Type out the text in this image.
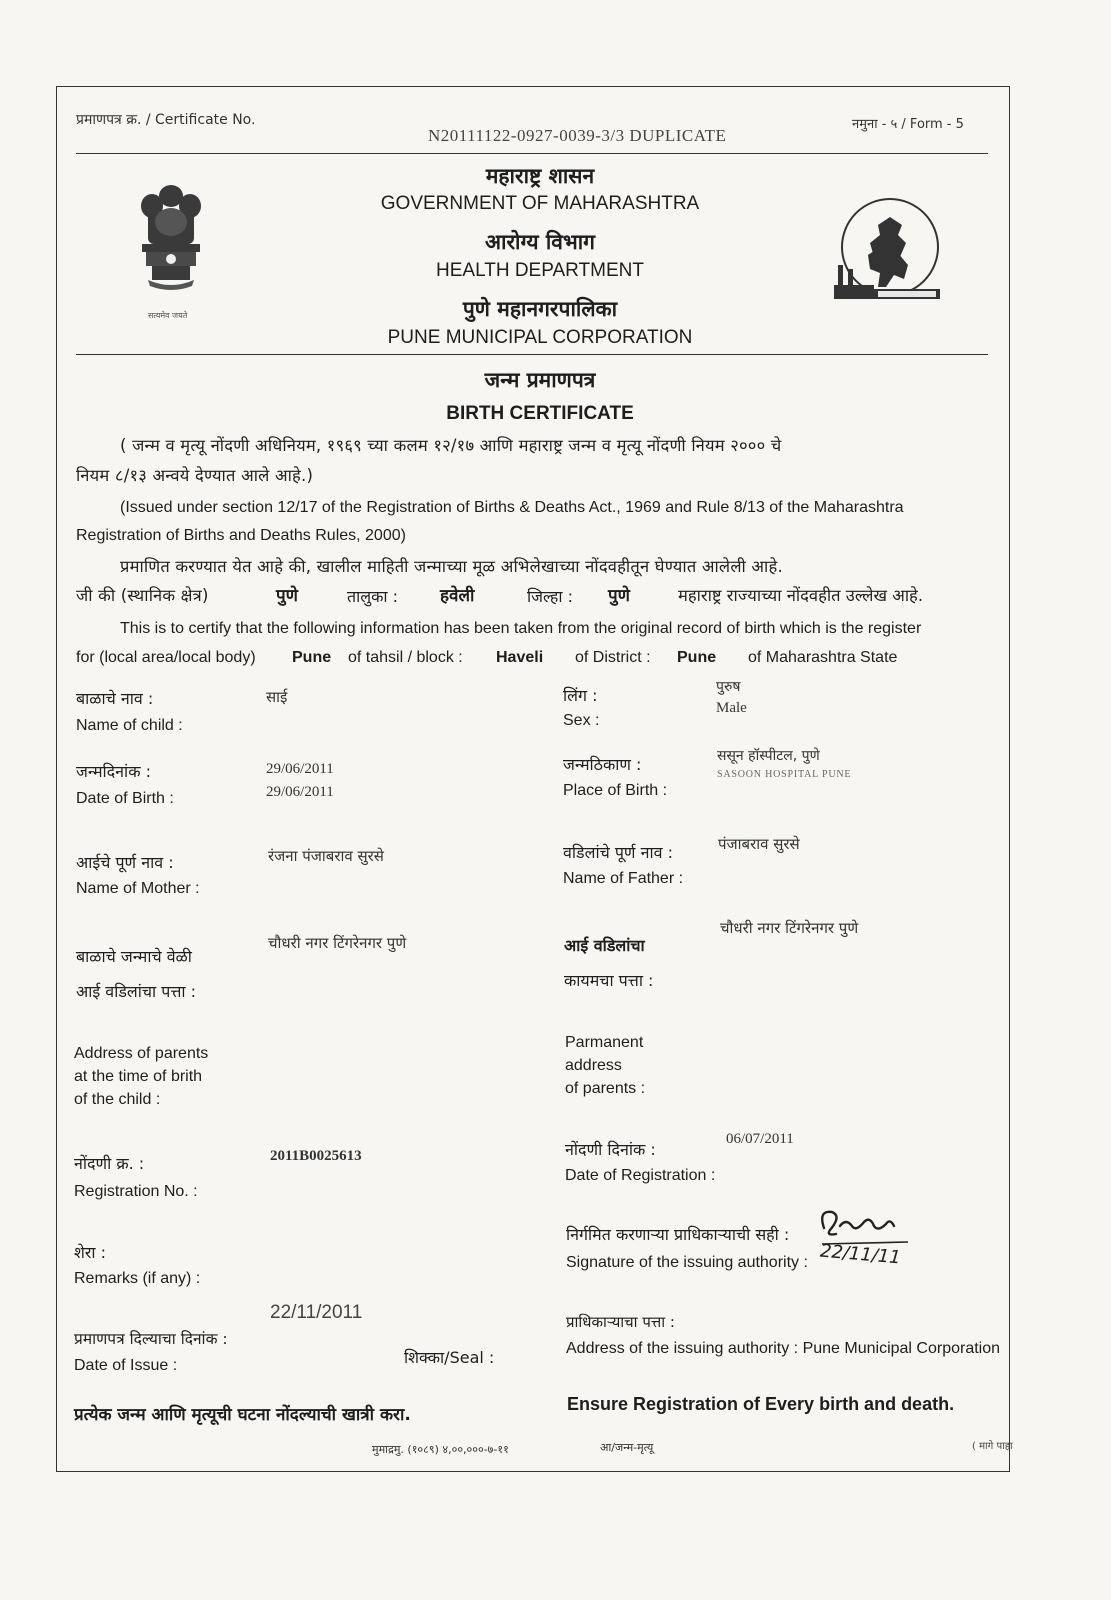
प्रमाणपत्र क्र. / Certificate No.
N20111122-0927-0039-3/3 DUPLICATE
नमुना - ५ / Form - 5
सत्यमेव जयते
महाराष्ट्र शासन
GOVERNMENT OF MAHARASHTRA
आरोग्य विभाग
HEALTH DEPARTMENT
पुणे महानगरपालिका
PUNE MUNICIPAL CORPORATION
जन्म प्रमाणपत्र
BIRTH CERTIFICATE
( जन्म व मृत्यू नोंदणी अधिनियम, १९६९ च्या कलम १२/१७ आणि महाराष्ट्र जन्म व मृत्यू नोंदणी नियम २००० चे
नियम ८/१३ अन्वये देण्यात आले आहे.)
(Issued under section 12/17 of the Registration of Births & Deaths Act., 1969 and Rule 8/13 of the Maharashtra
Registration of Births and Deaths Rules, 2000)
प्रमाणित करण्यात येत आहे की, खालील माहिती जन्माच्या मूळ अभिलेखाच्या नोंदवहीतून घेण्यात आलेली आहे.
जी की (स्थानिक क्षेत्र)	पुणे	तालुका : हवेली	जिल्हा : पुणे	महाराष्ट्र राज्याच्या नोंदवहीत उल्लेख आहे.
This is to certify that the following information has been taken from the original record of birth which is the register
for (local area/local body) Pune of tahsil / block : Haveli of District : Pune of Maharashtra State
बाळाचे नाव :
Name of child :
साई	लिंग :
Sex :
पुरुष
Male
जन्मदिनांक :
Date of Birth :
29/06/2011
29/06/2011
जन्मठिकाण :
Place of Birth :
ससून हॉस्पीटल, पुणे
SASOON HOSPITAL PUNE
आईचे पूर्ण नाव :
Name of Mother :
रंजना पंजाबराव सुरसे	वडिलांचे पूर्ण नाव :
Name of Father :
पंजाबराव सुरसे
बाळाचे जन्माचे वेळी
आई वडिलांचा पत्ता :
चौधरी नगर टिंगरेनगर पुणे	आई वडिलांचा
कायमचा पत्ता :
चौधरी नगर टिंगरेनगर पुणे
Address of parents
at the time of brith
of the child :
Parmanent
address
of parents :
नोंदणी क्र. :
Registration No. :
2011B0025613	नोंदणी दिनांक :
Date of Registration :
06/07/2011
शेरा :
Remarks (if any) :
निर्गमित करणाऱ्या प्राधिकाऱ्याची सही :
Signature of the issuing authority : 22/11/11
प्रमाणपत्र दिल्याचा दिनांक :
Date of Issue :
22/11/2011
शिक्का/Seal :
प्राधिकाऱ्याचा पत्ता :
Address of the issuing authority : Pune Municipal Corporation
प्रत्येक जन्म आणि मृत्यूची घटना नोंदल्याची खात्री करा.
Ensure Registration of Every birth and death.
मुमाद्रमु. (१०८९) ४,००,०००-७-११	आ/जन्म-मृत्यू	( मागे पाहा
